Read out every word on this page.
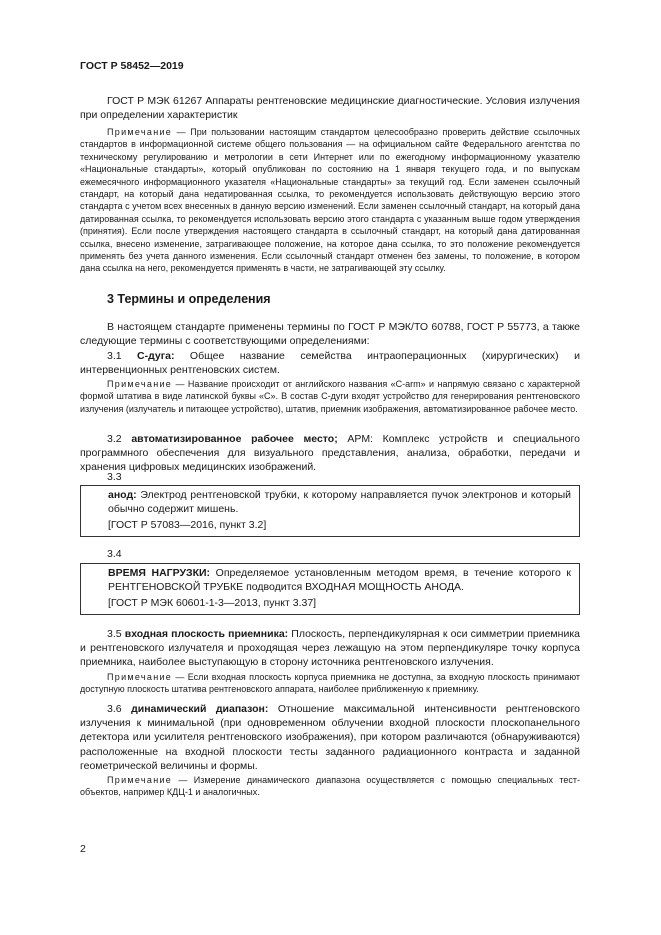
ГОСТ Р 58452—2019

ГОСТ Р МЭК 61267 Аппараты рентгеновские медицинские диагностические. Условия излучения при определении характеристик

Примечание — При пользовании настоящим стандартом целесообразно проверить действие ссылочных стандартов в информационной системе общего пользования — на официальном сайте Федерального агентства по техническому регулированию и метрологии в сети Интернет или по ежегодному информационному указателю «Национальные стандарты», который опубликован по состоянию на 1 января текущего года, и по выпускам ежемесячного информационного указателя «Национальные стандарты» за текущий год. Если заменен ссылочный стандарт, на который дана недатированная ссылка, то рекомендуется использовать действующую версию этого стандарта с учетом всех внесенных в данную версию изменений. Если заменен ссылочный стандарт, на который дана датированная ссылка, то рекомендуется использовать версию этого стандарта с указанным выше годом утверждения (принятия). Если после утверждения настоящего стандарта в ссылочный стандарт, на который дана датированная ссылка, внесено изменение, затрагивающее положение, на которое дана ссылка, то это положение рекомендуется применять без учета данного изменения. Если ссылочный стандарт отменен без замены, то положение, в котором дана ссылка на него, рекомендуется применять в части, не затрагивающей эту ссылку.

3 Термины и определения

В настоящем стандарте применены термины по ГОСТ Р МЭК/ТО 60788, ГОСТ Р 55773, а также следующие термины с соответствующими определениями:

3.1 С-дуга: Общее название семейства интраоперационных (хирургических) и интервенционных рентгеновских систем.

Примечание — Название происходит от английского названия «C-arm» и напрямую связано с характерной формой штатива в виде латинской буквы «С». В состав С-дуги входят устройство для генерирования рентгеновского излучения (излучатель и питающее устройство), штатив, приемник изображения, автоматизированное рабочее место.

3.2 автоматизированное рабочее место; АРМ: Комплекс устройств и специального программного обеспечения для визуального представления, анализа, обработки, передачи и хранения цифровых медицинских изображений.

3.3

анод: Электрод рентгеновской трубки, к которому направляется пучок электронов и который обычно содержит мишень.

[ГОСТ Р 57083—2016, пункт 3.2]

3.4

ВРЕМЯ НАГРУЗКИ: Определяемое установленным методом время, в течение которого к РЕНТГЕНОВСКОЙ ТРУБКЕ подводится ВХОДНАЯ МОЩНОСТЬ АНОДА.

[ГОСТ Р МЭК 60601-1-3—2013, пункт 3.37]

3.5 входная плоскость приемника: Плоскость, перпендикулярная к оси симметрии приемника и рентгеновского излучателя и проходящая через лежащую на этом перпендикуляре точку корпуса приемника, наиболее выступающую в сторону источника рентгеновского излучения.

Примечание — Если входная плоскость корпуса приемника не доступна, за входную плоскость принимают доступную плоскость штатива рентгеновского аппарата, наиболее приближенную к приемнику.

3.6 динамический диапазон: Отношение максимальной интенсивности рентгеновского излучения к минимальной (при одновременном облучении входной плоскости плоскопанельного детектора или усилителя рентгеновского изображения), при котором различаются (обнаруживаются) расположенные на входной плоскости тесты заданного радиационного контраста и заданной геометрической величины и формы.

Примечание — Измерение динамического диапазона осуществляется с помощью специальных тест-объектов, например КДЦ-1 и аналогичных.

2
